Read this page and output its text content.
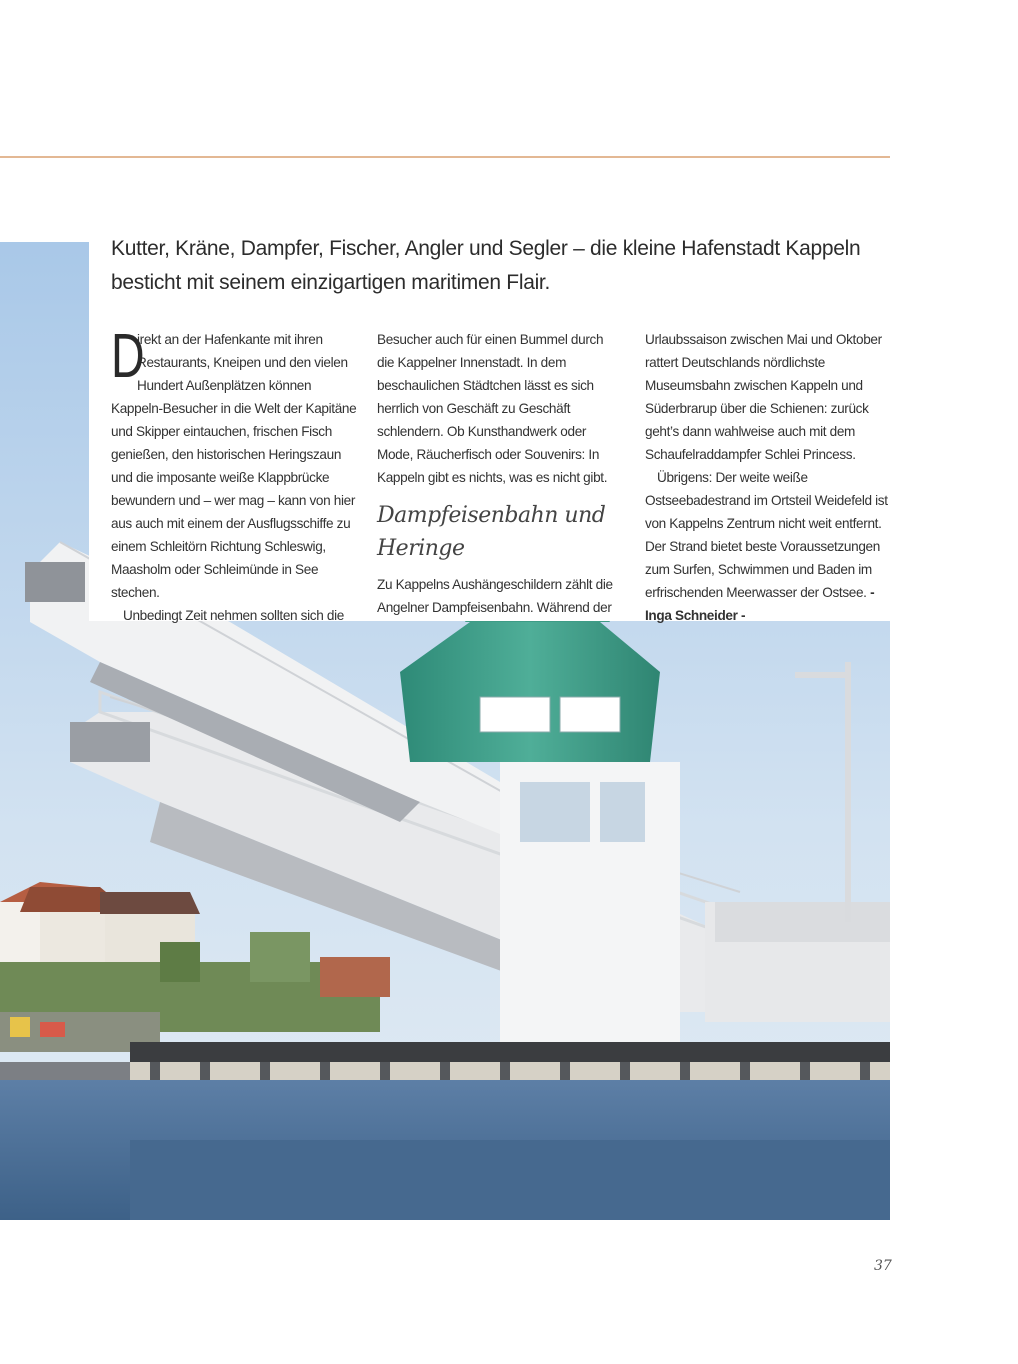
Kutter, Kräne, Dampfer, Fischer, Angler und Segler – die kleine Hafenstadt Kappeln besticht mit seinem einzigartigen maritimen Flair.

D
irekt an der Hafenkante mit ihren Restaurants, Kneipen und den vielen Hundert Außenplätzen können Kappeln-Besucher in die Welt der Kapitäne und Skipper eintauchen, frischen Fisch genießen, den historischen Heringszaun und die imposante weiße Klappbrücke bewundern und – wer mag – kann von hier aus auch mit einem der Ausflugsschiffe zu einem Schleitörn Richtung Schleswig, Maasholm oder Schleimünde in See stechen.

Unbedingt Zeit nehmen sollten sich die

Besucher auch für einen Bummel durch die Kappelner Innenstadt. In dem beschaulichen Städtchen lässt es sich herrlich von Geschäft zu Geschäft schlendern. Ob Kunsthandwerk oder Mode, Räucherfisch oder Souvenirs: In Kappeln gibt es nichts, was es nicht gibt.

Dampfeisenbahn und Heringe

Zu Kappelns Aushängeschildern zählt die Angelner Dampfeisenbahn. Während der

Urlaubssaison zwischen Mai und Oktober rattert Deutschlands nördlichste Museumsbahn zwischen Kappeln und Süderbrarup über die Schienen: zurück geht’s dann wahlweise auch mit dem Schaufelraddampfer Schlei Princess.

Übrigens: Der weite weiße Ostseebadestrand im Ortsteil Weidefeld ist von Kappelns Zentrum nicht weit entfernt. Der Strand bietet beste Voraussetzungen zum Surfen, Schwimmen und Baden im erfrischenden Meerwasser der Ostsee. - Inga Schneider -

37
